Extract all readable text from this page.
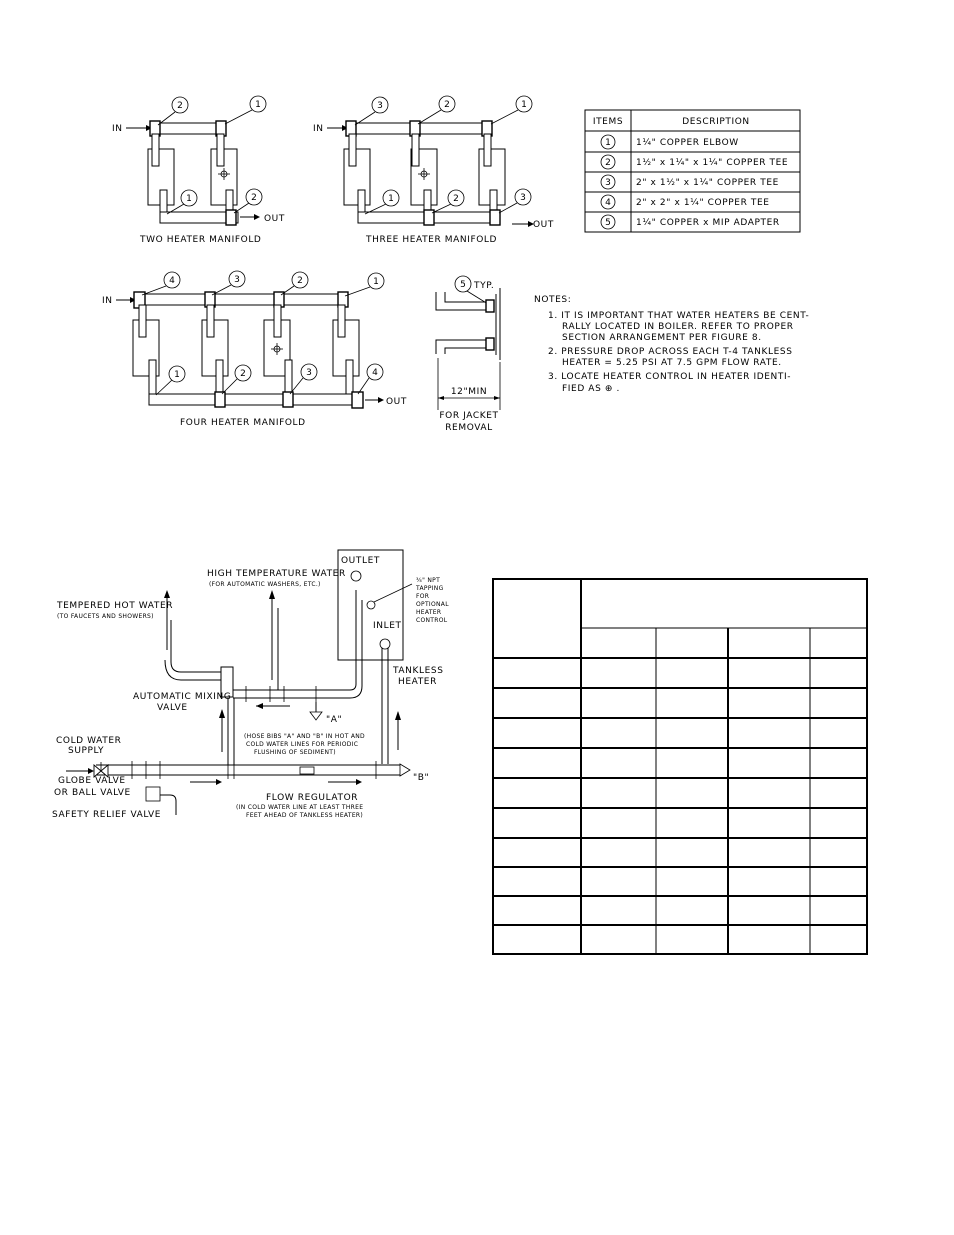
IN
OUT
2	1
1	2
TWO HEATER MANIFOLD
IN
OUT
3	2	1
1	2	3
THREE HEATER MANIFOLD
ITEMS	DESCRIPTION
1	1¼" COPPER ELBOW
2	1½" x 1¼" x 1¼" COPPER TEE
3	2" x 1½" x 1¼" COPPER TEE
4	2" x 2" x 1¼" COPPER TEE
5	1¼" COPPER x MIP ADAPTER
IN
OUT
4	3	2	1
1	2	3	4
FOUR HEATER MANIFOLD
5 TYP.
12"MIN
FOR JACKET
REMOVAL
NOTES:
1. IT IS IMPORTANT THAT WATER HEATERS BE CENT-
RALLY LOCATED IN BOILER. REFER TO PROPER
SECTION ARRANGEMENT PER FIGURE 8.
2. PRESSURE DROP ACROSS EACH T-4 TANKLESS
HEATER = 5.25 PSI AT 7.5 GPM FLOW RATE.
3. LOCATE HEATER CONTROL IN HEATER IDENTI-
FIED AS ⊕ .
TEMPERED HOT WATER
(TO FAUCETS AND SHOWERS)
HIGH TEMPERATURE WATER
(FOR AUTOMATIC WASHERS, ETC.)
AUTOMATIC MIXING
VALVE
"A"
OUTLET
INLET
¾" NPT
TAPPING
FOR
OPTIONAL
HEATER
CONTROL
TANKLESS
HEATER
(HOSE BIBS "A" AND "B" IN HOT AND
COLD WATER LINES FOR PERIODIC
FLUSHING OF SEDIMENT)
COLD WATER
SUPPLY
"B"
GLOBE VALVE
OR BALL VALVE
SAFETY RELIEF VALVE
FLOW REGULATOR
(IN COLD WATER LINE AT LEAST THREE
FEET AHEAD OF TANKLESS HEATER)
